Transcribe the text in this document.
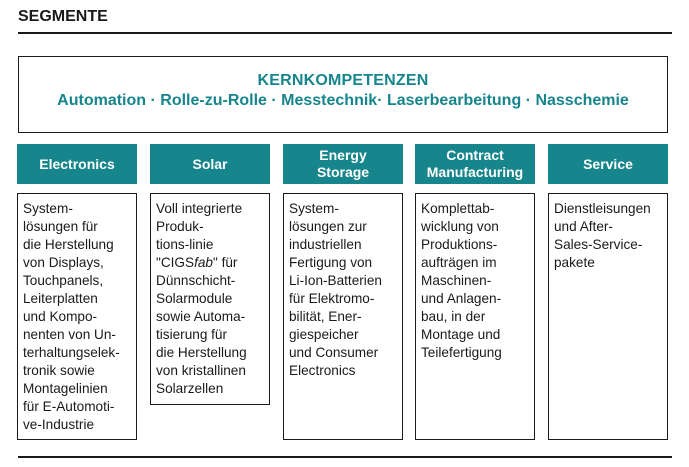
SEGMENTE
KERNKOMPETENZEN
Automation · Rolle-zu-Rolle · Messtechnik· Laserbearbeitung · Nasschemie
Electronics
System-
lösungen für
die Herstellung
von Displays,
Touchpanels,
Leiterplatten
und Kompo-
nenten von Un-
terhaltungselek-
tronik sowie
Montagelinien
für E-Automoti-
ve-Industrie
Solar
Voll integrierte
Produk-
tions-linie
"CIGSfab" für
Dünnschicht-
Solarmodule
sowie Automa-
tisierung für
die Herstellung
von kristallinen
Solarzellen
Energy
Storage
System-
lösungen zur
industriellen
Fertigung von
Li-Ion-Batterien
für Elektromo-
bilität, Ener-
giespeicher
und Consumer
Electronics
Contract
Manufacturing
Komplettab-
wicklung von
Produktions-
aufträgen im
Maschinen-
und Anlagen-
bau, in der
Montage und
Teilefertigung
Service
Dienstleisungen
und After-
Sales-Service-
pakete
